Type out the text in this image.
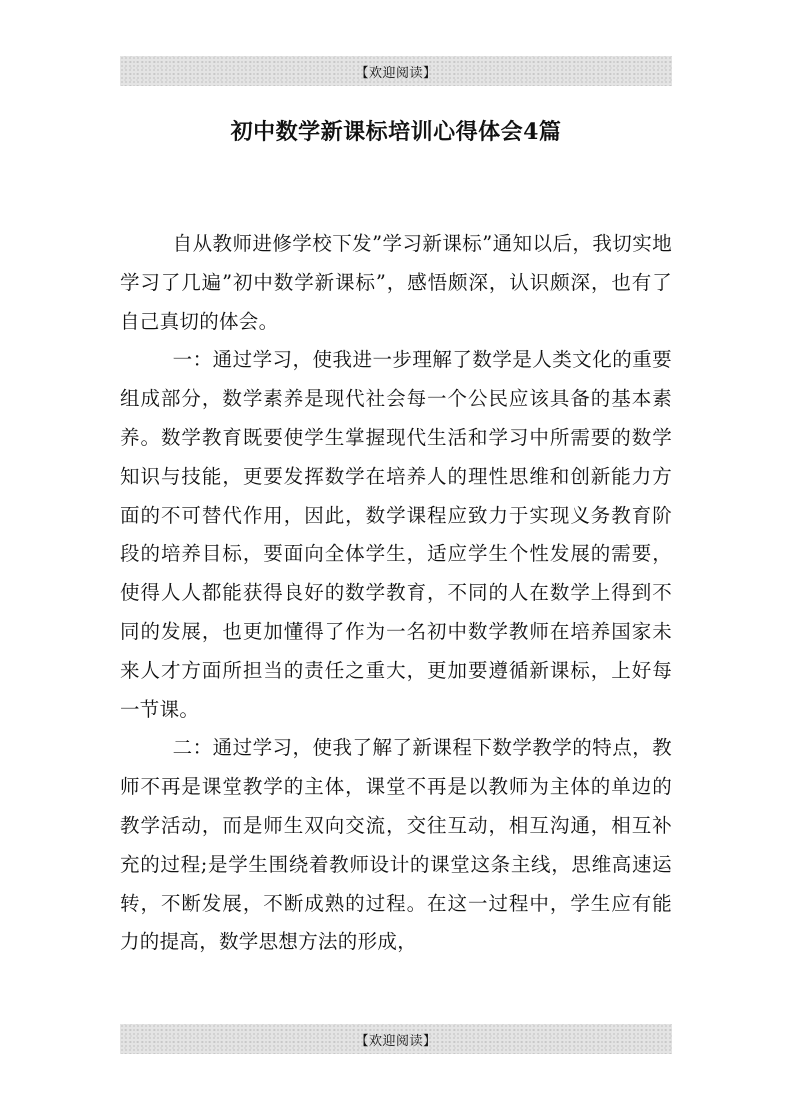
【欢迎阅读】
初中数学新课标培训心得体会4篇

自从教师进修学校下发”学习新课标”通知以后，我切实地学习了几遍”初中数学新课标”，感悟颇深，认识颇深，也有了自己真切的体会。

一：通过学习，使我进一步理解了数学是人类文化的重要组成部分，数学素养是现代社会每一个公民应该具备的基本素养。数学教育既要使学生掌握现代生活和学习中所需要的数学知识与技能，更要发挥数学在培养人的理性思维和创新能力方面的不可替代作用，因此，数学课程应致力于实现义务教育阶段的培养目标，要面向全体学生，适应学生个性发展的需要，使得人人都能获得良好的数学教育，不同的人在数学上得到不同的发展，也更加懂得了作为一名初中数学教师在培养国家未来人才方面所担当的责任之重大，更加要遵循新课标，上好每一节课。

二：通过学习，使我了解了新课程下数学教学的特点，教师不再是课堂教学的主体，课堂不再是以教师为主体的单边的教学活动，而是师生双向交流，交往互动，相互沟通，相互补充的过程;是学生围绕着教师设计的课堂这条主线，思维高速运转，不断发展，不断成熟的过程。在这一过程中，学生应有能力的提高，数学思想方法的形成，

【欢迎阅读】
